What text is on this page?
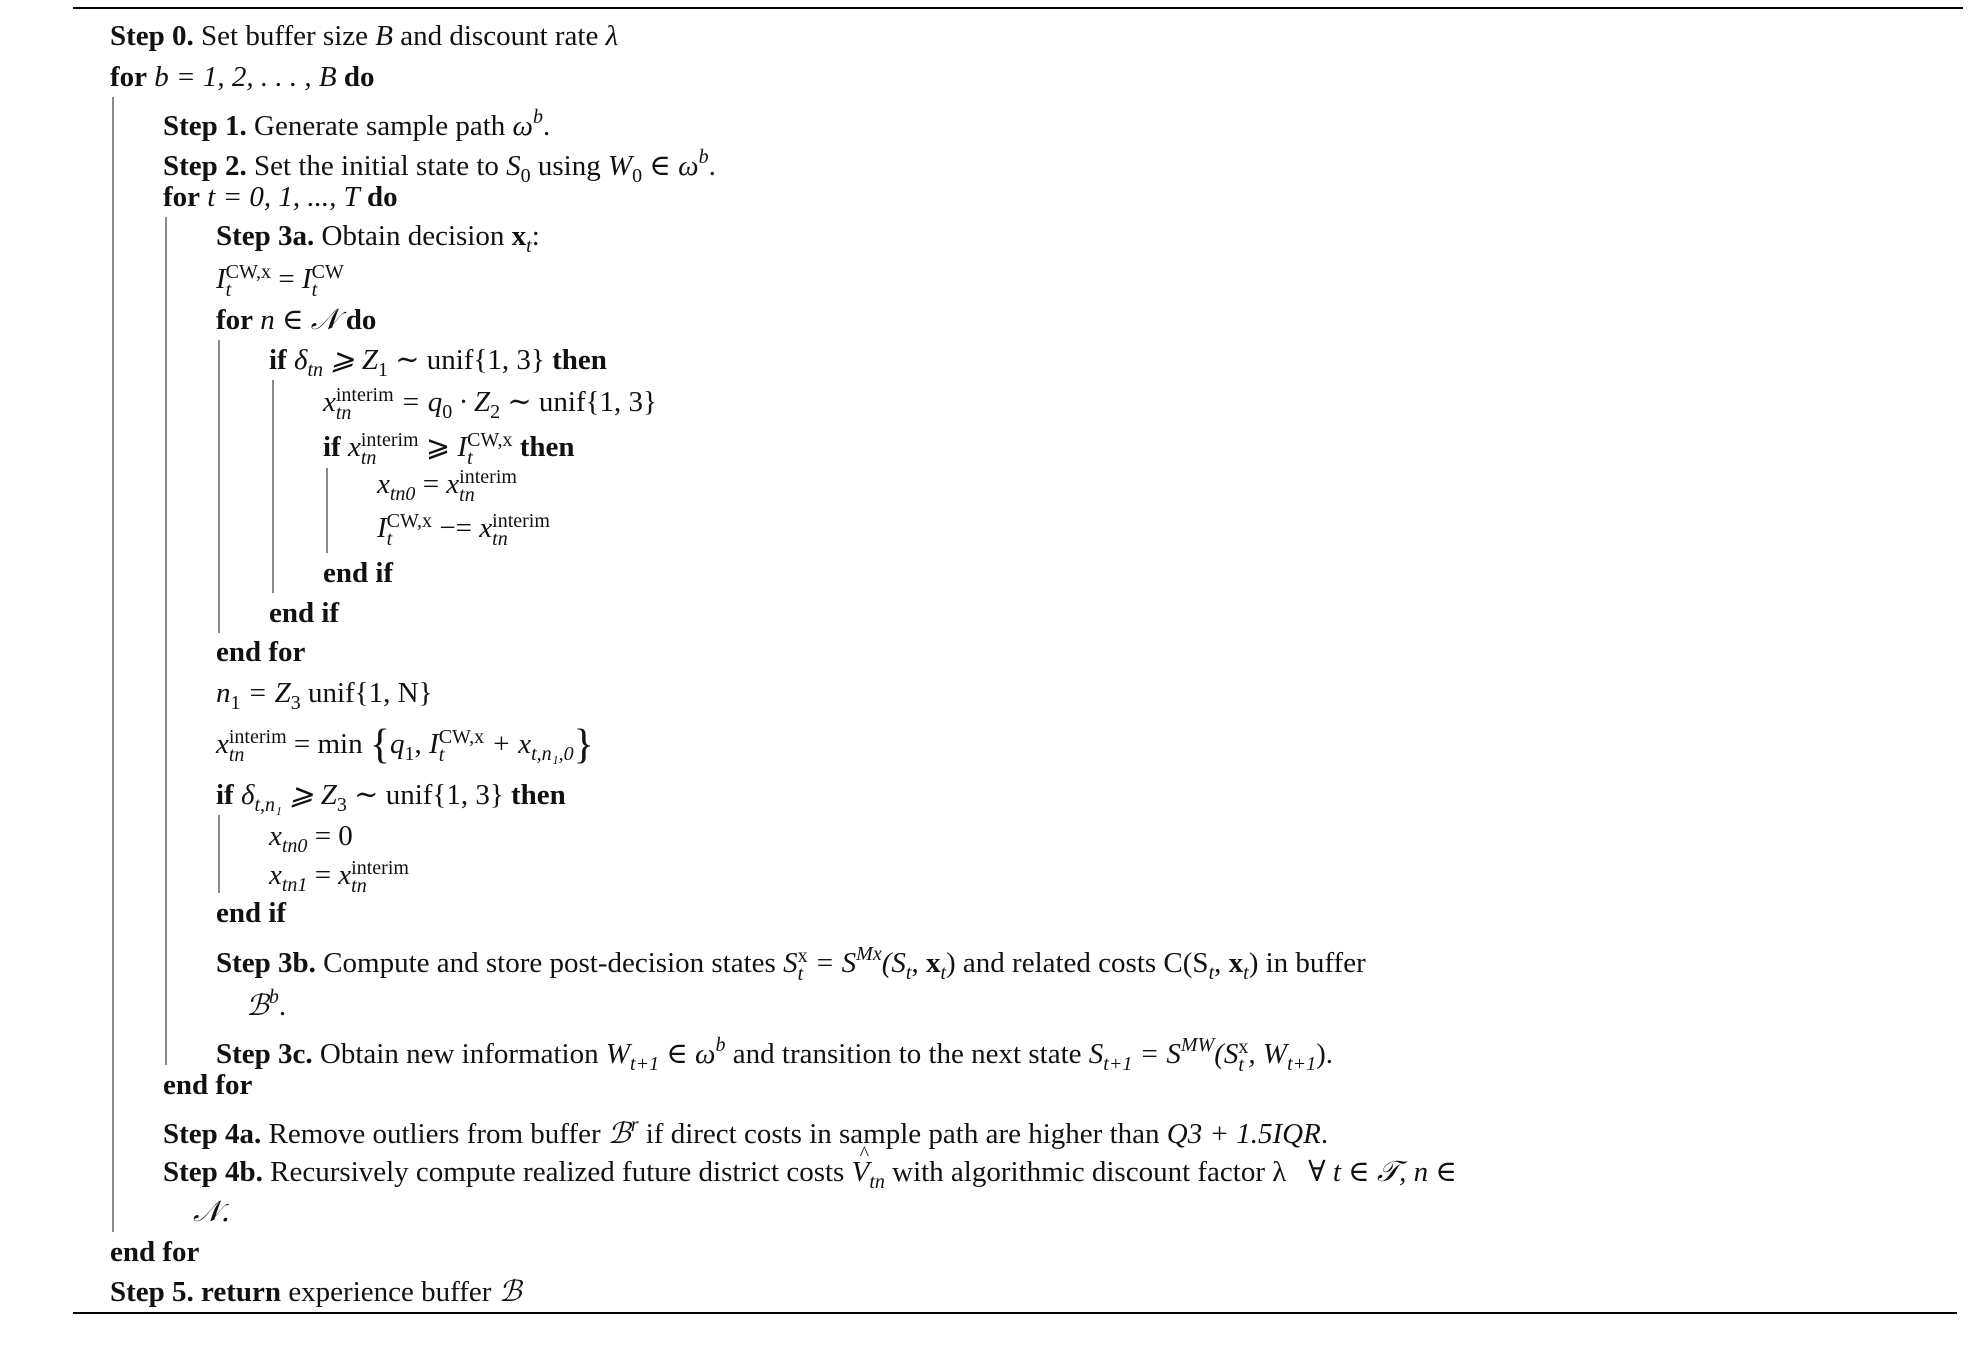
Step 0. Set buffer size B and discount rate λ
for b = 1, 2, . . . , B do
Step 1. Generate sample path $\omega^b$.
Step 2. Set the initial state to $S_0$ using $W_0$ ∈ $\omega^b$.
for t = 0, 1, ..., T do
Step 3a. Obtain decision $x_t$:
I CW,x
t	= I CW
t
for n ∈ 𝒩 do
if $\delta_{tn}$ ⩾ $Z_1$ ∼ unif{1, 3} then
x interim
tn	= $q_0 \cdot Z_2$ ∼ unif{1, 3}
if x interim
tn	⩾ I CW,x
t	then
$x_{tn0} = x$ interim
tn
I CW,x
t	−= x interim
tn
end if
end if
end for
$n_1 = Z_3$ unif{1, N}
x interim
tn	= $\min \{q_1$, I CW,x
t	+ $x_{t,n_1,0}$}
if $\delta_{t,n_1}$ ⩾ $Z_3$ ∼ unif{1, 3} then
$x_{tn0} = 0$
$x_{tn1} = x$ interim
tn
end if
Step 3b. Compute and store post-decision states S x
$t = S^{Mx}(S_t$, $x_t$) and related costs $C(S_t$, $x_t$) in buffer
ℬ$^b$.
Step 3c. Obtain new information $W_{t+1}$ ∈ $\omega^b$ and transition to the next state $S_{t+1} = S^{MW}(S$ x
t , $W_{t+1}$).
end for
Step 4a. Remove outliers from buffer ℬ$^r$ if direct costs in sample path are higher than Q3 + 1.5IQR.
Step 4b. Recursively compute realized future district costs ^ $V_{tn}$ with algorithmic discount factor λ ∀ t ∈ 𝒯, n ∈
𝒩.
end for
Step 5. return experience buffer ℬ
